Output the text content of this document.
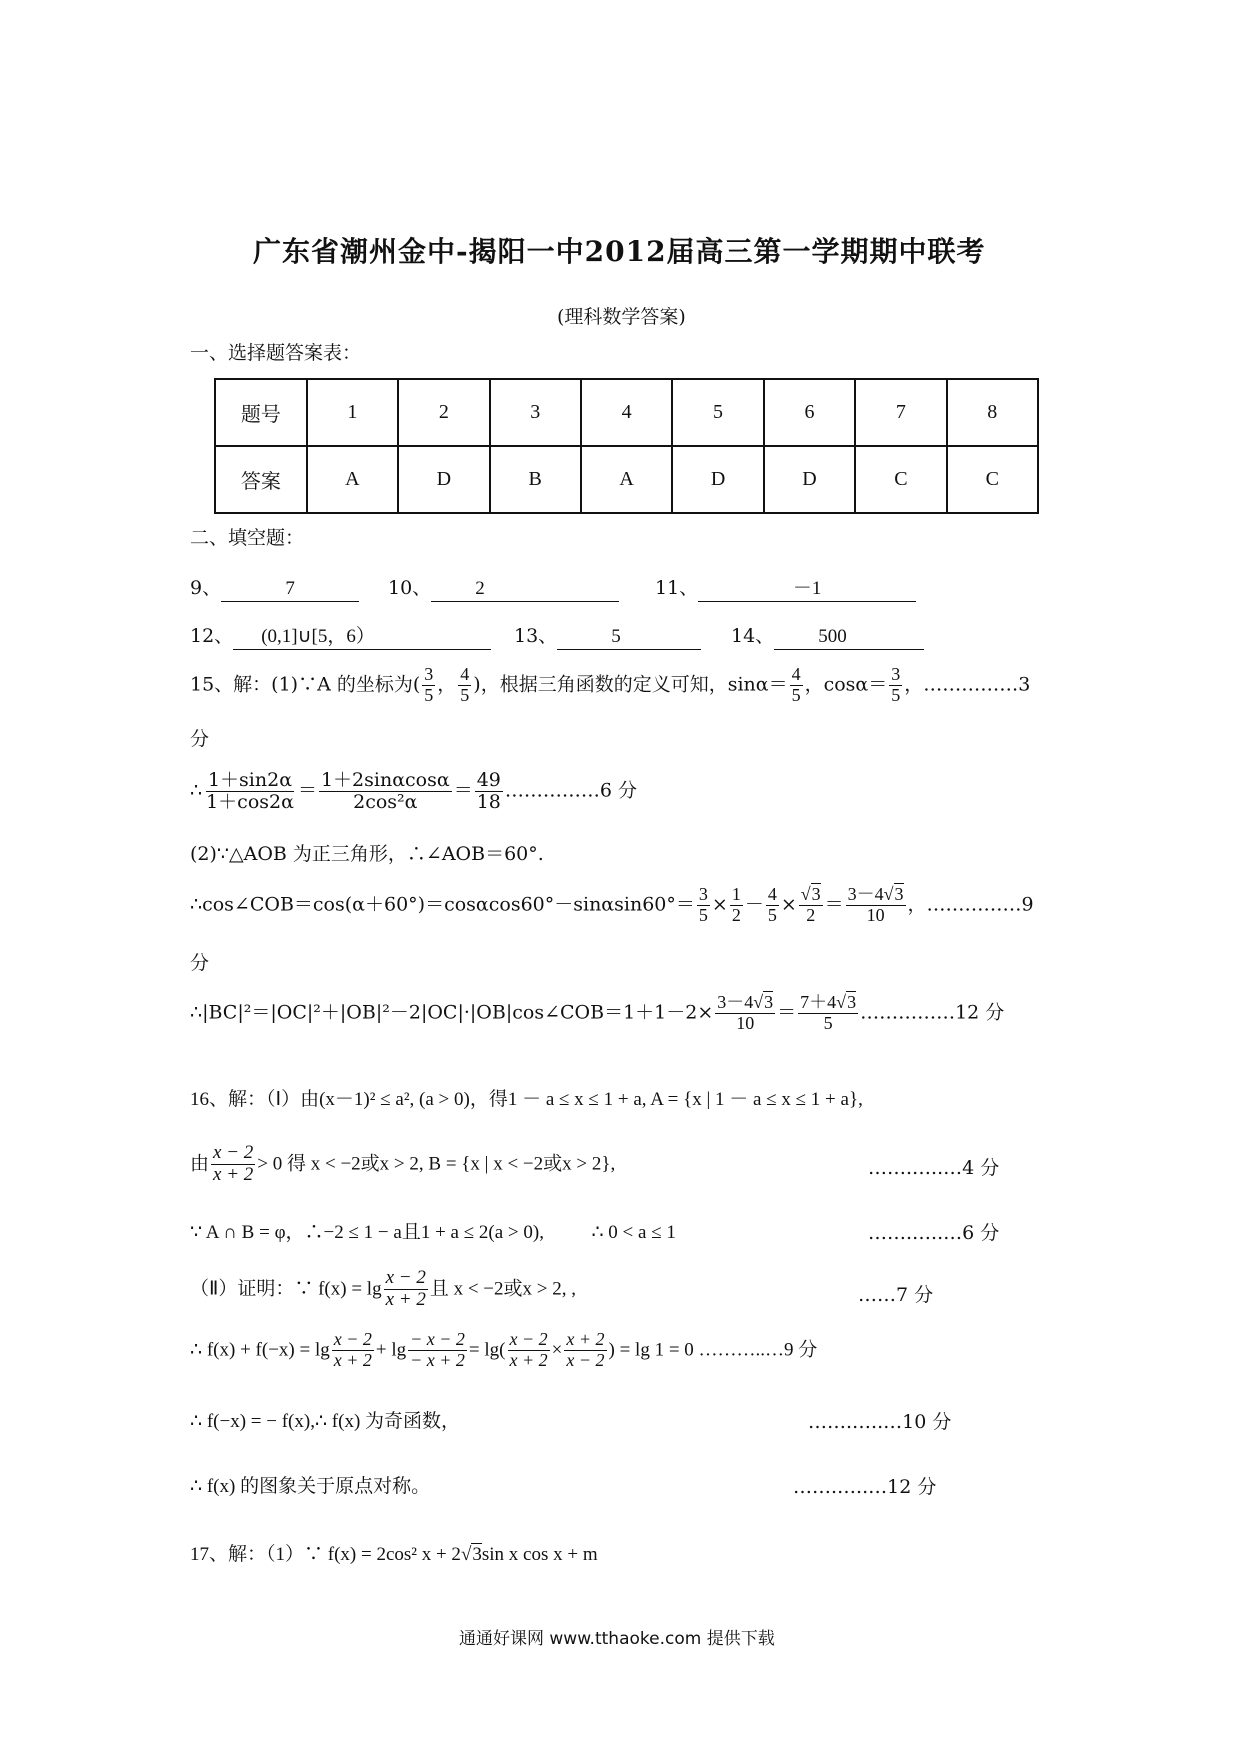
广东省潮州金中-揭阳一中2012届高三第一学期期中联考
(理科数学答案)
一、选择题答案表：
题号	1	2	3	4	5	6	7	8
答案	A	D	B	A	D	D	C	C
二、填空题：
9、	7	10、 2	11、	－1
12、 (0,1]∪[5，6）	13、	5	14、 500
15、解：(1)∵A 的坐标为( $\frac{3}{5}$ ， $\frac{4}{5}$ )，根据三角函数的定义可知，$\sin\alpha= \frac{4}{5}$ ，$\cos\alpha= \frac{3}{5}$ ，……………3
分
∴ $\frac{1+\sin 2\alpha}{1+\cos 2\alpha} = \frac{1+2\sin\alpha\cos\alpha}{\text{2cos²α}} = \frac{49}{18}$ ……………6 分
(2)∵△AOB 为正三角形，∴∠AOB＝60°.
∴cos∠COB＝cos(α＋60°)＝cosαcos60°－sinαsin60°＝ $\frac{3}{5} \times \frac{1}{2} - \frac{4}{5} \times \frac{√3}{2} = \frac{3-4√3}{10}$ ，……………9
分
∴|BC|²＝|OC|²＋|OB|²－2|OC|·|OB|cos∠COB＝1＋1－2× $\frac{3-4√3}{10} = \frac{7+4√3}{5}$ ……………12 分
16、解：（Ⅰ）由(x－1)² ≤ a², (a > 0)，得1 － a ≤ x ≤ 1 + a, A = {x | 1 － a ≤ x ≤ 1 + a},
由 $\frac{x - 2}{x + 2} > 0$ 得 x < −2或x > 2, B = {x | x < −2或x > 2},	…….…..…4 分
∵ A ∩ B = φ，∴−2 ≤ 1 − a且1 + a ≤ 2(a > 0),          ∴ 0 < a ≤ 1	…….…..…6 分
（Ⅱ）证明：∵ $f(x) = \lg \frac{x - 2}{x + 2}$ 且 x < −2或x > 2, ,	……7 分
∴ $f(x) + f(-x) = \lg \frac{x - 2}{x + 2} + \lg \frac{- x - 2}{- x + 2} = \lg( \frac{x - 2}{x + 2} \times \frac{x + 2}{x - 2}$ ) = lg 1 = 0 ………..…9 分
∴ f(−x) = − f(x),∴ f(x) 为奇函数，	…….…..…10 分
∴ f(x) 的图象关于原点对称。	…….…..…12 分
17、解：（1）∵ f(x) = 2cos² x + 2√3sin x cos x + m
通通好课网 www.tthaoke.com 提供下载
